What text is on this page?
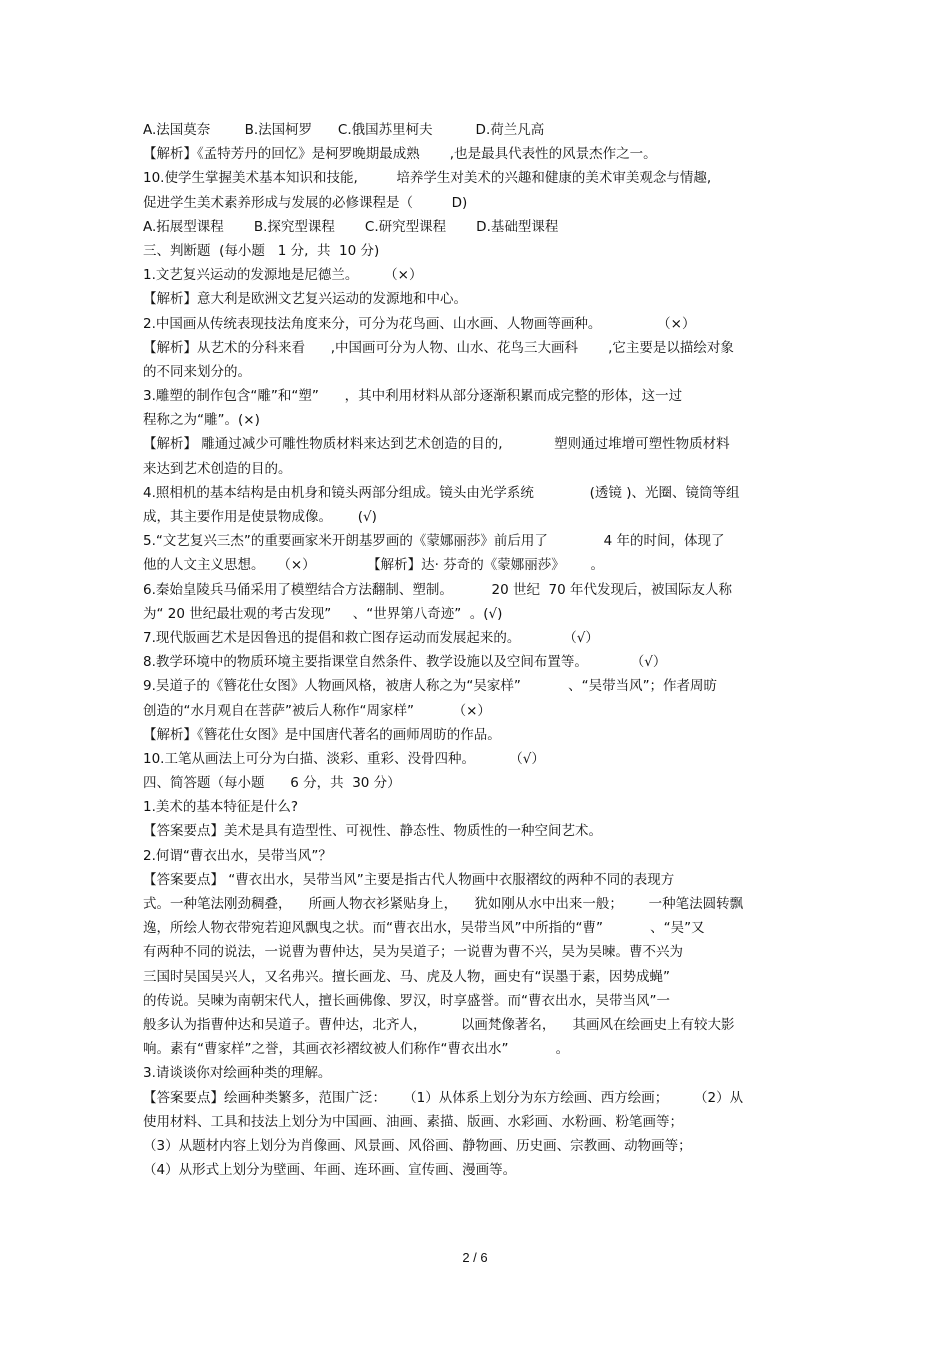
A.法国莫奈        B.法国柯罗      C.俄国苏里柯夫          D.荷兰凡高
【解析】《孟特芳丹的回忆》是柯罗晚期最成熟       ,也是最具代表性的风景杰作之一。
10.使学生掌握美术基本知识和技能,         培养学生对美术的兴趣和健康的美术审美观念与情趣,
促进学生美术素养形成与发展的必修课程是（         D)
A.拓展型课程       B.探究型课程       C.研究型课程       D.基础型课程
三、判断题  (每小题   1 分,  共  10 分)
1.文艺复兴运动的发源地是尼德兰。      （×）
【解析】意大利是欧洲文艺复兴运动的发源地和中心。
2.中国画从传统表现技法角度来分，可分为花鸟画、山水画、人物画等画种。             （×）
【解析】从艺术的分科来看      ,中国画可分为人物、山水、花鸟三大画科       ,它主要是以描绘对象
的不同来划分的。
3.雕塑的制作包含“雕”和“塑”      ，其中利用材料从部分逐渐积累而成完整的形体，这一过
程称之为“雕”。(×)
【解析】 雕通过减少可雕性物质材料来达到艺术创造的目的,            塑则通过堆增可塑性物质材料
来达到艺术创造的目的。
4.照相机的基本结构是由机身和镜头两部分组成。镜头由光学系统             (透镜 )、光圈、镜筒等组
成，其主要作用是使景物成像。      (√)
5.“文艺复兴三杰”的重要画家米开朗基罗画的《蒙娜丽莎》前后用了             4 年的时间，体现了
他的人文主义思想。   （×）            【解析】达· 芬奇的《蒙娜丽莎》      。
6.秦始皇陵兵马俑采用了模塑结合方法翻制、塑制。         20 世纪  70 年代发现后，被国际友人称
为“ 20 世纪最壮观的考古发现”     、“世界第八奇迹”  。(√)
7.现代版画艺术是因鲁迅的提倡和救亡图存运动而发展起来的。          （√）
8.教学环境中的物质环境主要指课堂自然条件、教学设施以及空间布置等。          （√）
9.吴道子的《簪花仕女图》人物画风格，被唐人称之为“吴家样”           、“吴带当风”；作者周昉
创造的“水月观自在菩萨”被后人称作“周家样”         （×）
【解析】《簪花仕女图》是中国唐代著名的画师周昉的作品。
10.工笔从画法上可分为白描、淡彩、重彩、没骨四种。        （√）
四、简答题（每小题      6 分，共  30 分）
1.美术的基本特征是什么?
【答案要点】美术是具有造型性、可视性、静态性、物质性的一种空间艺术。
2.何谓“曹衣出水，吴带当风”？
【答案要点】 “曹衣出水，吴带当风”主要是指古代人物画中衣服褶纹的两种不同的表现方
式。一种笔法刚劲稠叠，    所画人物衣衫紧贴身上，    犹如刚从水中出来一般；      一种笔法圆转飘
逸，所绘人物衣带宛若迎风飘曳之状。而“曹衣出水，吴带当风”中所指的“曹”           、“吴”又
有两种不同的说法，一说曹为曹仲达，吴为吴道子；一说曹为曹不兴，吴为吴暕。曹不兴为
三国时吴国吴兴人，又名弗兴。擅长画龙、马、虎及人物，画史有“误墨于素，因势成蝇”
的传说。吴暕为南朝宋代人，擅长画佛像、罗汉，时享盛誉。而“曹衣出水，吴带当风”一
般多认为指曹仲达和吴道子。曹仲达，北齐人，        以画梵像著名，    其画风在绘画史上有较大影
响。素有“曹家样”之誉，其画衣衫褶纹被人们称作“曹衣出水”           。
3.请谈谈你对绘画种类的理解。
【答案要点】绘画种类繁多，范围广泛：    （1）从体系上划分为东方绘画、西方绘画；      （2）从
使用材料、工具和技法上划分为中国画、油画、素描、版画、水彩画、水粉画、粉笔画等；
（3）从题材内容上划分为肖像画、风景画、风俗画、静物画、历史画、宗教画、动物画等；
（4）从形式上划分为壁画、年画、连环画、宣传画、漫画等。
2 / 6
